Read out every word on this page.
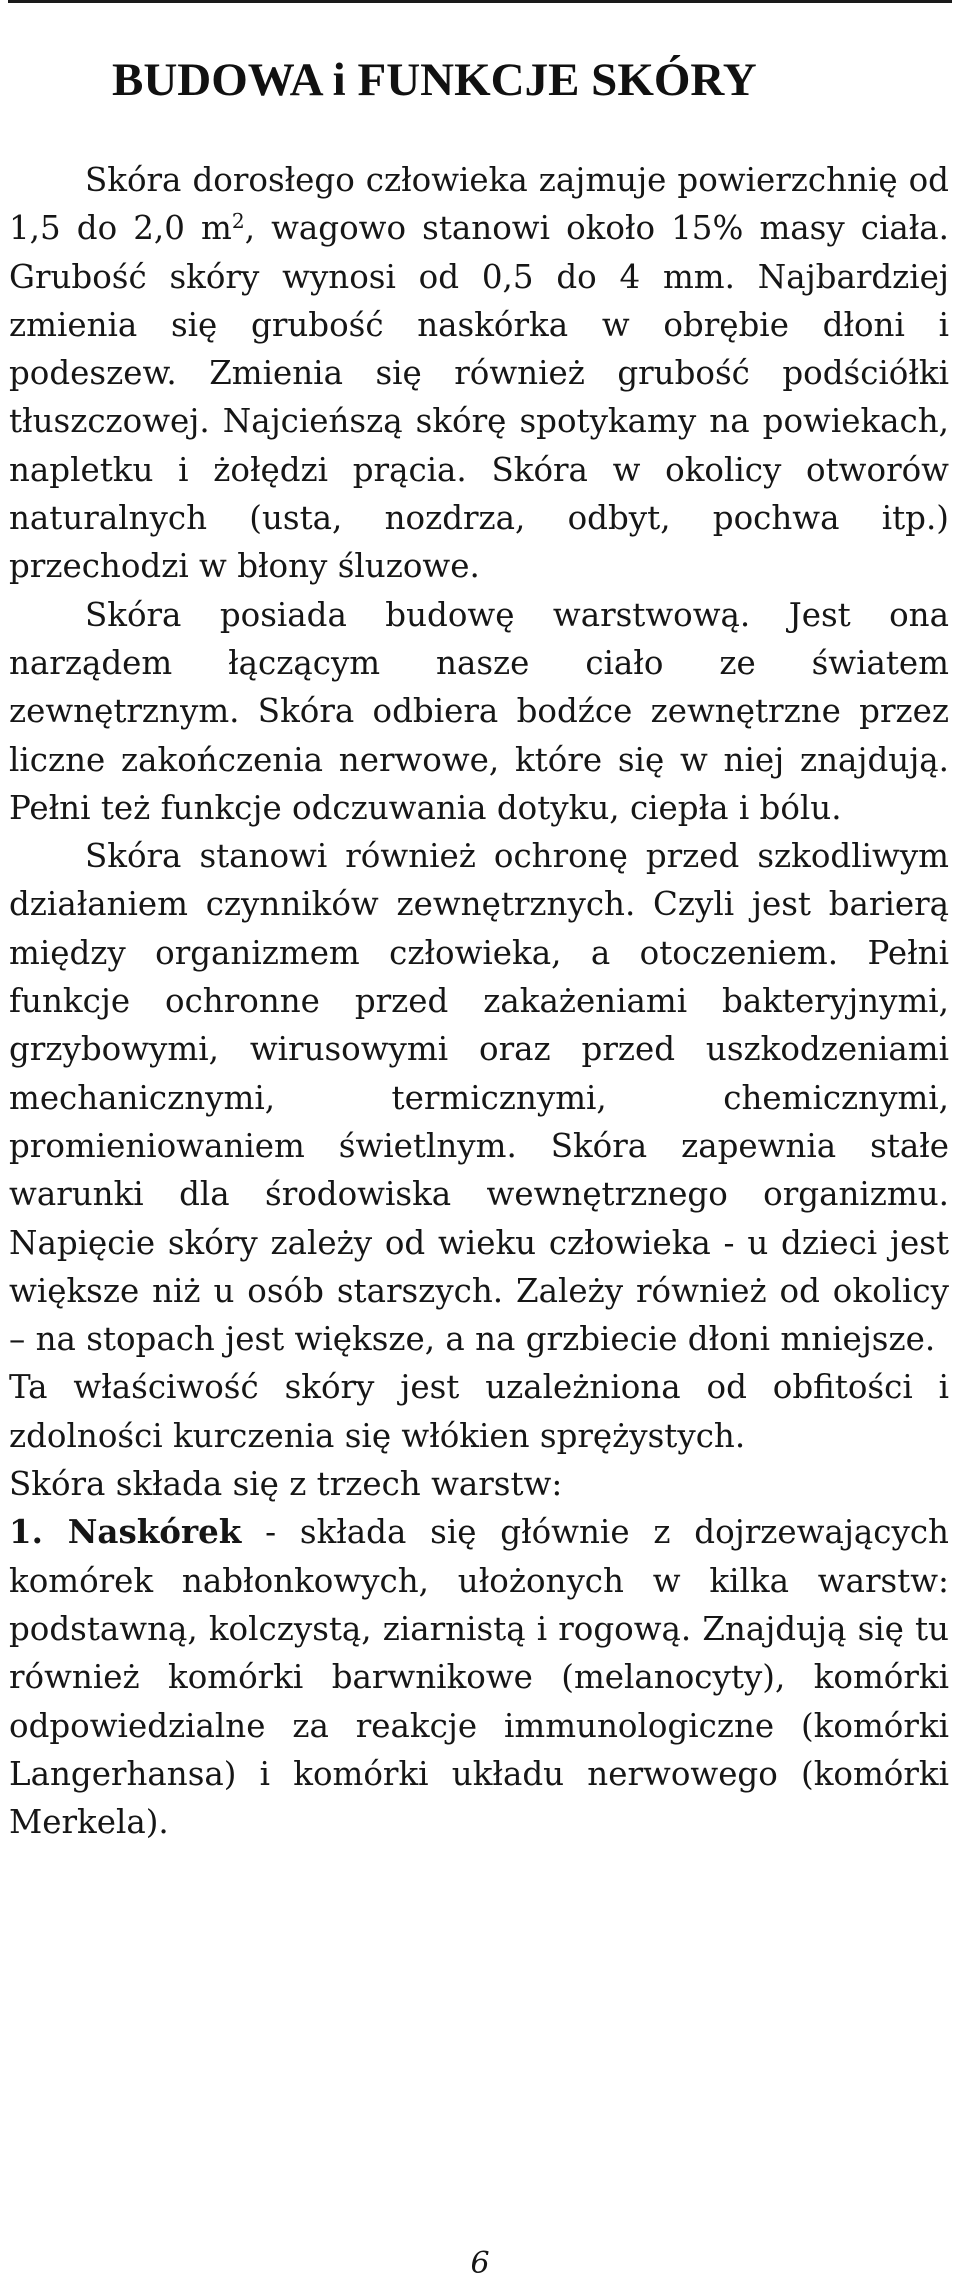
BUDOWA i FUNKCJE SKÓRY

Skóra dorosłego człowieka zajmuje powierzchnię od 1,5 do 2,0 $m^2$, wagowo stanowi około 15% masy ciała. Grubość skóry wynosi od 0,5 do 4 mm. Najbardziej zmienia się grubość naskórka w obrębie dłoni i podeszew. Zmienia się również grubość podściółki tłuszczowej. Najcieńszą skórę spotykamy na powiekach, napletku i żołędzi prącia. Skóra w okolicy otworów naturalnych (usta, nozdrza, odbyt, pochwa itp.) przechodzi w błony śluzowe.

Skóra posiada budowę warstwową. Jest ona narządem łączącym nasze ciało ze światem zewnętrznym. Skóra odbiera bodźce zewnętrzne przez liczne zakończenia nerwowe, które się w niej znajdują. Pełni też funkcje odczuwania dotyku, ciepła i bólu.

Skóra stanowi również ochronę przed szkodliwym działaniem czynników zewnętrznych. Czyli jest barierą między organizmem człowieka, a otoczeniem. Pełni funkcje ochronne przed zakażeniami bakteryjnymi, grzybowymi, wirusowymi oraz przed uszkodzeniami mechanicznymi, termicznymi, chemicznymi, promieniowaniem świetlnym. Skóra zapewnia stałe warunki dla środowiska wewnętrznego organizmu. Napięcie skóry zależy od wieku człowieka - u dzieci jest większe niż u osób starszych. Zależy również od okolicy – na stopach jest większe, a na grzbiecie dłoni mniejsze.

Ta właściwość skóry jest uzależniona od obfitości i zdolności kurczenia się włókien sprężystych.

Skóra składa się z trzech warstw:

1. Naskórek - składa się głównie z dojrzewających komórek nabłonkowych, ułożonych w kilka warstw: podstawną, kolczystą, ziarnistą i rogową. Znajdują się tu również komórki barwnikowe (melanocyty), komórki odpowiedzialne za reakcje immunologiczne (komórki Langerhansa) i komórki układu nerwowego (komórki Merkela).

6
